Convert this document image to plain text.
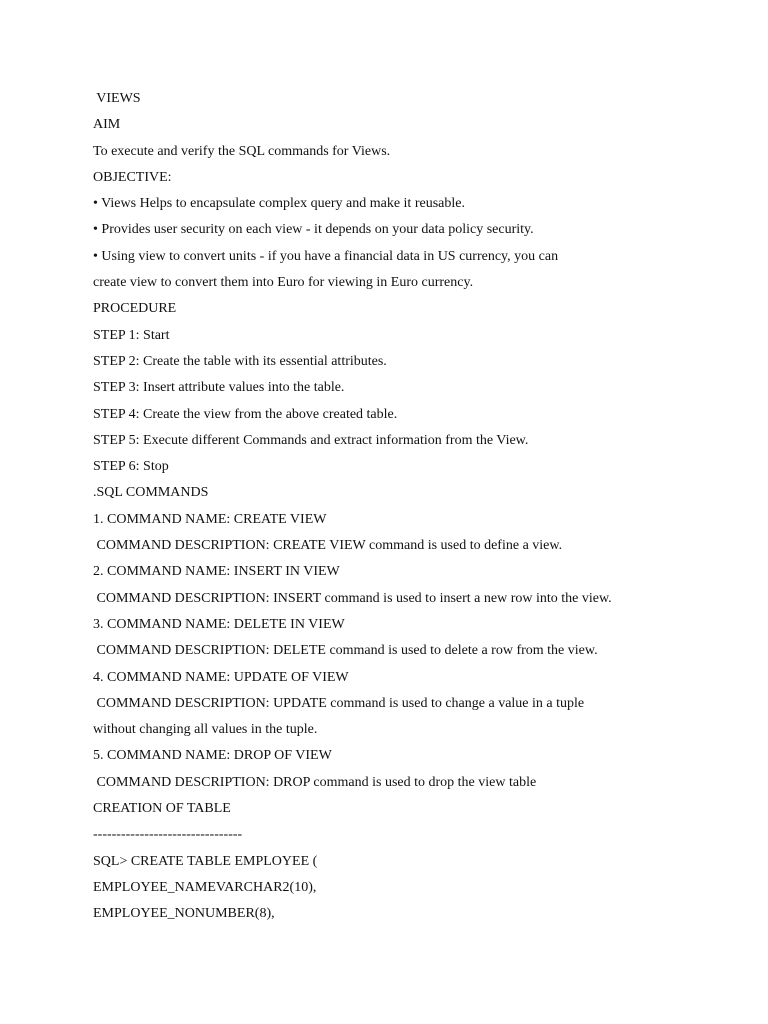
VIEWS
AIM
To execute and verify the SQL commands for Views.
OBJECTIVE:
• Views Helps to encapsulate complex query and make it reusable.
• Provides user security on each view - it depends on your data policy security.
• Using view to convert units - if you have a financial data in US currency, you can
create view to convert them into Euro for viewing in Euro currency.
PROCEDURE
STEP 1: Start
STEP 2: Create the table with its essential attributes.
STEP 3: Insert attribute values into the table.
STEP 4: Create the view from the above created table.
STEP 5: Execute different Commands and extract information from the View.
STEP 6: Stop
.SQL COMMANDS
1. COMMAND NAME: CREATE VIEW
COMMAND DESCRIPTION: CREATE VIEW command is used to define a view.
2. COMMAND NAME: INSERT IN VIEW
COMMAND DESCRIPTION: INSERT command is used to insert a new row into the view.
3. COMMAND NAME: DELETE IN VIEW
COMMAND DESCRIPTION: DELETE command is used to delete a row from the view.
4. COMMAND NAME: UPDATE OF VIEW
COMMAND DESCRIPTION: UPDATE command is used to change a value in a tuple
without changing all values in the tuple.
5. COMMAND NAME: DROP OF VIEW
COMMAND DESCRIPTION: DROP command is used to drop the view table
CREATION OF TABLE
--------------------------------
SQL> CREATE TABLE EMPLOYEE (
EMPLOYEE_NAMEVARCHAR2(10),
EMPLOYEE_NONUMBER(8),
